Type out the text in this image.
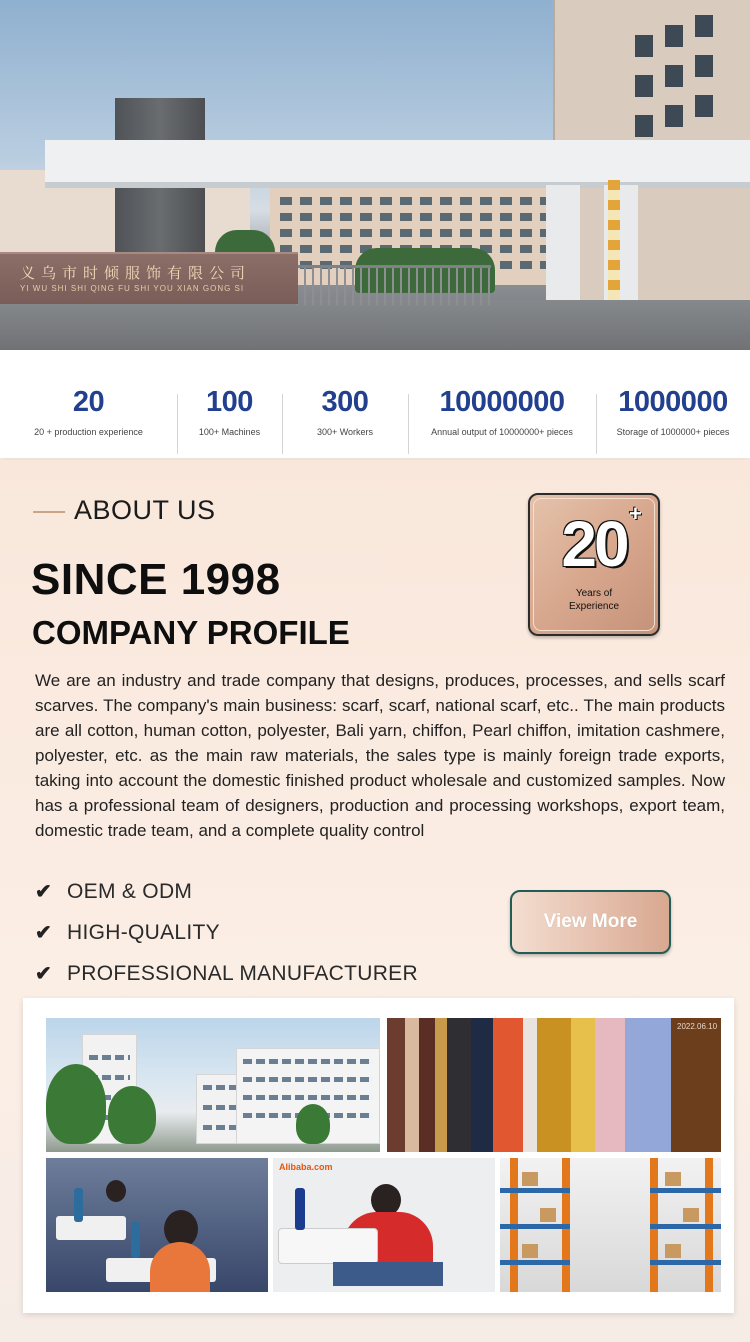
义乌市时倾服饰有限公司
YI WU SHI SHI QING FU SHI YOU XIAN GONG SI
20
20 + production experience
100
100+ Machines
300
300+ Workers
10000000
Annual output of 10000000+ pieces
1000000
Storage of 1000000+ pieces
ABOUT US
SINCE 1998
COMPANY PROFILE
20 +
Years of
Experience

We are an industry and trade company that designs, produces, processes, and sells scarf scarves. The company's main business: scarf, scarf, national scarf, etc.. The main products are all cotton, human cotton, polyester, Bali yarn, chiffon, Pearl chiffon, imitation cashmere, polyester, etc. as the main raw materials, the sales type is mainly foreign trade exports, taking into account the domestic finished product wholesale and customized samples. Now has a professional team of designers, production and processing workshops, export team, domestic trade team, and a complete quality control

✔ OEM & ODM
✔ HIGH-QUALITY
✔ PROFESSIONAL MANUFACTURER
View More
2022.06.10
Alibaba.com
